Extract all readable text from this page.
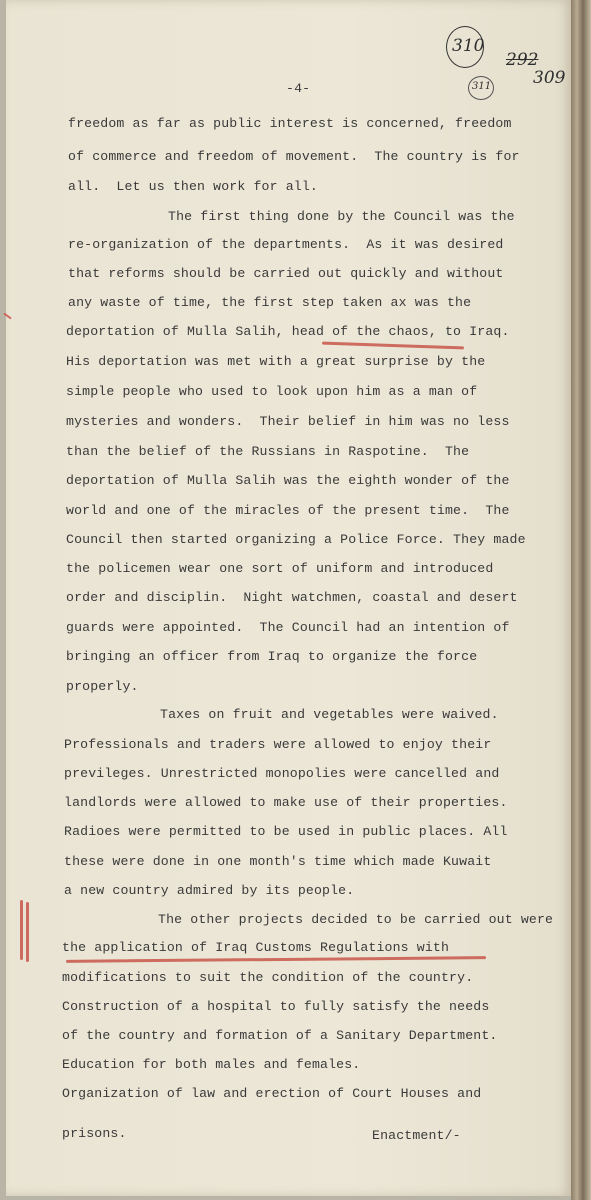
310
292
309
311
-4-
freedom as far as public interest is concerned, freedom
of commerce and freedom of movement.  The country is for
all.  Let us then work for all.
The first thing done by the Council was the
re-organization of the departments.  As it was desired
that reforms should be carried out quickly and without
any waste of time, the first step taken ax was the
deportation of Mulla Salih, head of the chaos, to Iraq.
His deportation was met with a great surprise by the
simple people who used to look upon him as a man of
mysteries and wonders.  Their belief in him was no less
than the belief of the Russians in Raspotine.  The
deportation of Mulla Salih was the eighth wonder of the
world and one of the miracles of the present time.  The
Council then started organizing a Police Force. They made
the policemen wear one sort of uniform and introduced
order and disciplin.  Night watchmen, coastal and desert
guards were appointed.  The Council had an intention of
bringing an officer from Iraq to organize the force
properly.
Taxes on fruit and vegetables were waived.
Professionals and traders were allowed to enjoy their
previleges. Unrestricted monopolies were cancelled and
landlords were allowed to make use of their properties.
Radioes were permitted to be used in public places. All
these were done in one month's time which made Kuwait
a new country admired by its people.
The other projects decided to be carried out were
the application of Iraq Customs Regulations with
modifications to suit the condition of the country.
Construction of a hospital to fully satisfy the needs
of the country and formation of a Sanitary Department.
Education for both males and females.
Organization of law and erection of Court Houses and
prisons.	Enactment/-
